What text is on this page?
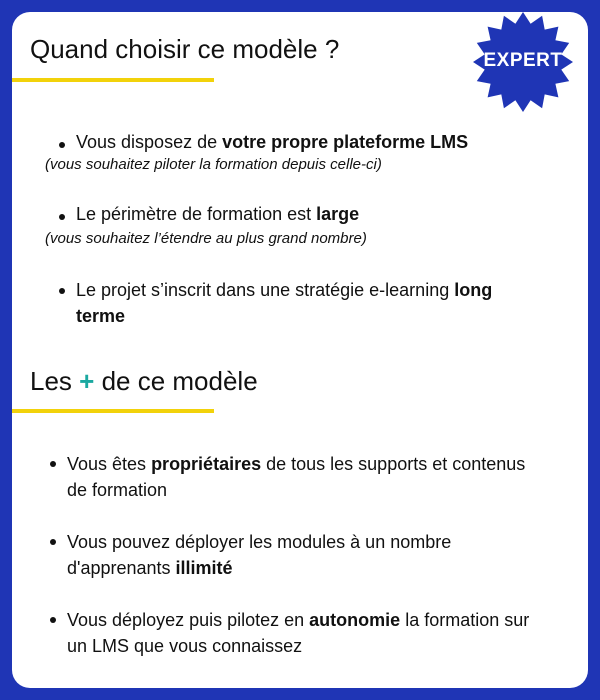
Quand choisir ce modèle ?	EXPERT
Vous disposez de votre propre plateforme LMS
(vous souhaitez piloter la formation depuis celle-ci)
Le périmètre de formation est large
(vous souhaitez l’étendre au plus grand nombre)
Le projet s’inscrit dans une stratégie e-learning long terme
Les + de ce modèle
Vous êtes propriétaires de tous les supports et contenus de formation
Vous pouvez déployer les modules à un nombre d'apprenants illimité
Vous déployez puis pilotez en autonomie la formation sur un LMS que vous connaissez
